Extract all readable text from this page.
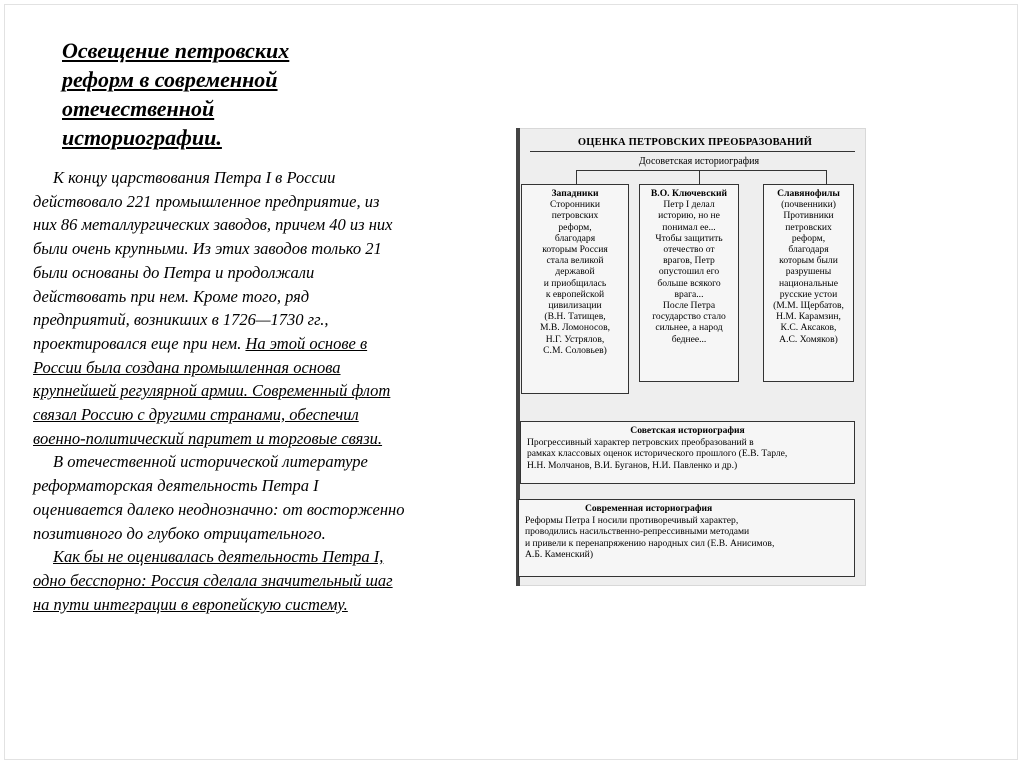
Освещение петровских
реформ в современной
отечественной
историографии.

К концу царствования Петра I в России
действовало 221 промышленное предприятие, из
них 86 металлургических заводов, причем 40 из них
были очень крупными. Из этих заводов только 21
были основаны до Петра и продолжали
действовать при нем. Кроме того, ряд
предприятий, возникших в 1726—1730 гг.,
проектировался еще при нем. На этой основе в
России была создана промышленная основа
крупнейшей регулярной армии. Современный флот
связал Россию с другими странами, обеспечил
военно-политический паритет и торговые связи.

В отечественной исторической литературе
реформаторская деятельность Петра I
оценивается далеко неоднозначно: от восторженно
позитивного до глубоко отрицательного.

Как бы не оценивалась деятельность Петра I,
одно бесспорно: Россия сделала значительный шаг
на пути интеграции в европейскую систему.

ОЦЕНКА ПЕТРОВСКИХ ПРЕОБРАЗОВАНИЙ
Досоветская историография
Западники
Сторонники
петровских
реформ,
благодаря
которым Россия
стала великой
державой
и приобщилась
к европейской
цивилизации
(В.Н. Татищев,
М.В. Ломоносов,
Н.Г. Устрялов,
С.М. Соловьев)
В.О. Ключевский
Петр I делал
историю, но не
понимал ее...
Чтобы защитить
отечество от
врагов, Петр
опустошил его
больше всякого
врага...
После Петра
государство стало
сильнее, а народ
беднее...
Славянофилы
(почвенники)
Противники
петровских
реформ,
благодаря
которым были
разрушены
национальные
русские устои
(М.М. Щербатов,
Н.М. Карамзин,
К.С. Аксаков,
А.С. Хомяков)
Советская историография
Прогрессивный характер петровских преобразований в
рамках классовых оценок исторического прошлого (Е.В. Тарле,
Н.Н. Молчанов, В.И. Буганов, Н.И. Павленко и др.)
Современная историография
Реформы Петра I носили противоречивый характер,
проводились насильственно-репрессивными методами
и привели к перенапряжению народных сил (Е.В. Анисимов,
А.Б. Каменский)
